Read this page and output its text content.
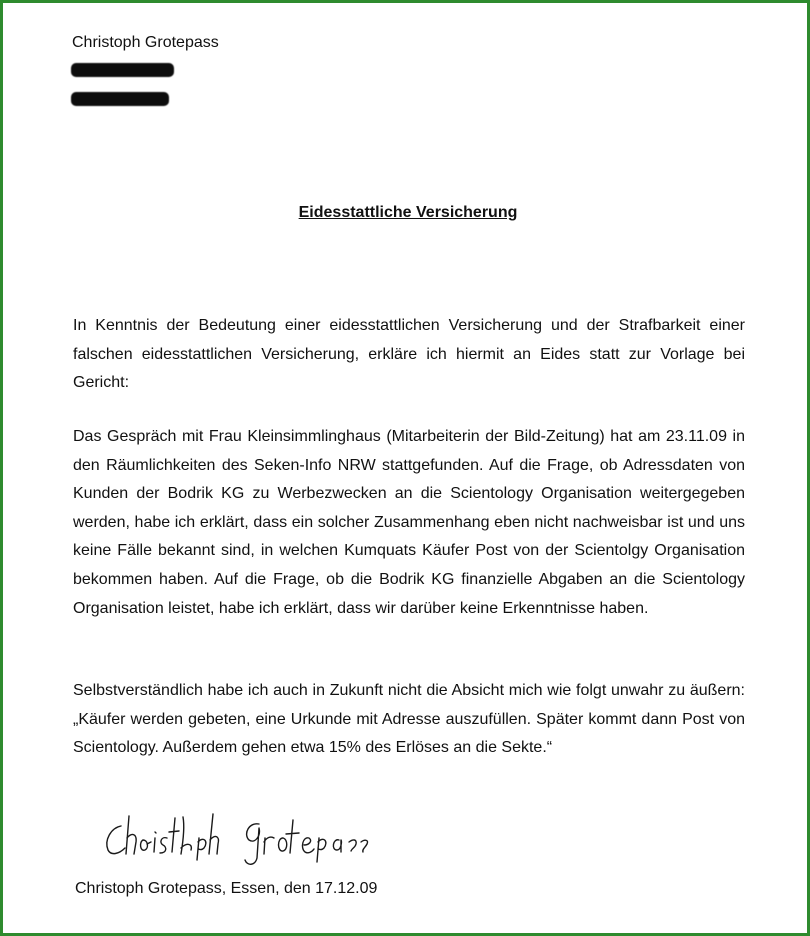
Christoph Grotepass
Eidesstattliche Versicherung

In Kenntnis der Bedeutung einer eidesstattlichen Versicherung und der Strafbarkeit einer falschen eidesstattlichen Versicherung, erkläre ich hiermit an Eides statt zur Vorlage bei Gericht:

Das Gespräch mit Frau Kleinsimmlinghaus (Mitarbeiterin der Bild-Zeitung) hat am 23.11.09 in den Räumlichkeiten des Seken-Info NRW stattgefunden. Auf die Frage, ob Adressdaten von Kunden der Bodrik KG zu Werbezwecken an die Scientology Organisation weitergegeben werden, habe ich erklärt, dass ein solcher Zusammenhang eben nicht nachweisbar ist und uns keine Fälle bekannt sind, in welchen Kumquats Käufer Post von der Scientolgy Organisation bekommen haben. Auf die Frage, ob die Bodrik KG finanzielle Abgaben an die Scientology Organisation leistet, habe ich erklärt, dass wir darüber keine Erkenntnisse haben.

Selbstverständlich habe ich auch in Zukunft nicht die Absicht mich wie folgt unwahr zu äußern: „Käufer werden gebeten, eine Urkunde mit Adresse auszufüllen. Später kommt dann Post von Scientology. Außerdem gehen etwa 15% des Erlöses an die Sekte.“

Christoph Grotepass, Essen, den 17.12.09
